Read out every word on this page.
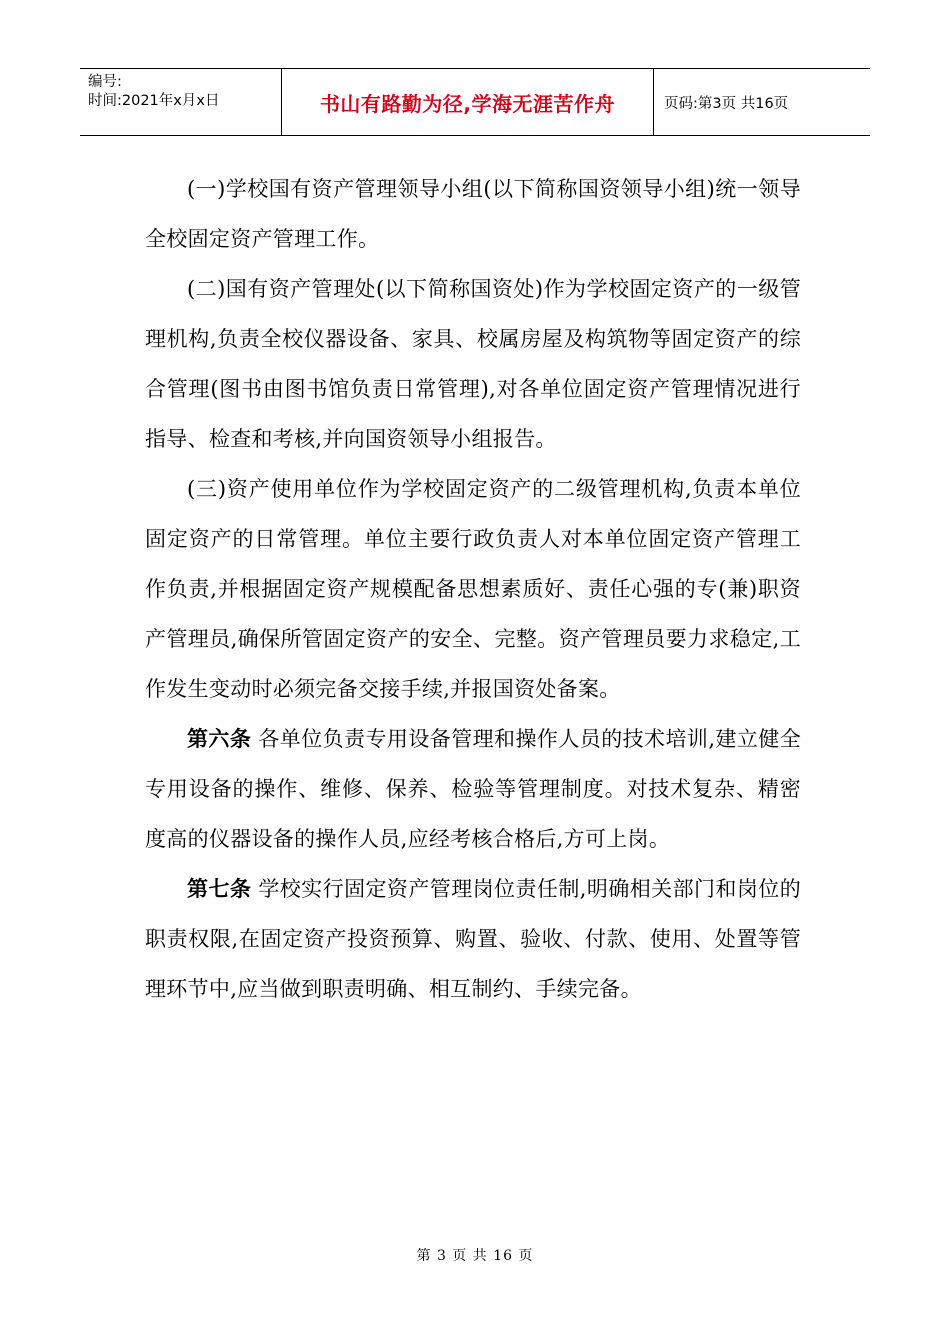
编号:
时间:2021年x月x日	书山有路勤为径,学海无涯苦作舟	页码:第3页 共16页

(一)学校国有资产管理领导小组(以下简称国资领导小组)统一领导全校固定资产管理工作。

(二)国有资产管理处(以下简称国资处)作为学校固定资产的一级管理机构,负责全校仪器设备、家具、校属房屋及构筑物等固定资产的综合管理(图书由图书馆负责日常管理),对各单位固定资产管理情况进行指导、检查和考核,并向国资领导小组报告。

(三)资产使用单位作为学校固定资产的二级管理机构,负责本单位固定资产的日常管理。单位主要行政负责人对本单位固定资产管理工作负责,并根据固定资产规模配备思想素质好、责任心强的专(兼)职资产管理员,确保所管固定资产的安全、完整。资产管理员要力求稳定,工作发生变动时必须完备交接手续,并报国资处备案。

第六条 各单位负责专用设备管理和操作人员的技术培训,建立健全专用设备的操作、维修、保养、检验等管理制度。对技术复杂、精密度高的仪器设备的操作人员,应经考核合格后,方可上岗。

第七条 学校实行固定资产管理岗位责任制,明确相关部门和岗位的职责权限,在固定资产投资预算、购置、验收、付款、使用、处置等管理环节中,应当做到职责明确、相互制约、手续完备。

第 3 页 共 16 页
